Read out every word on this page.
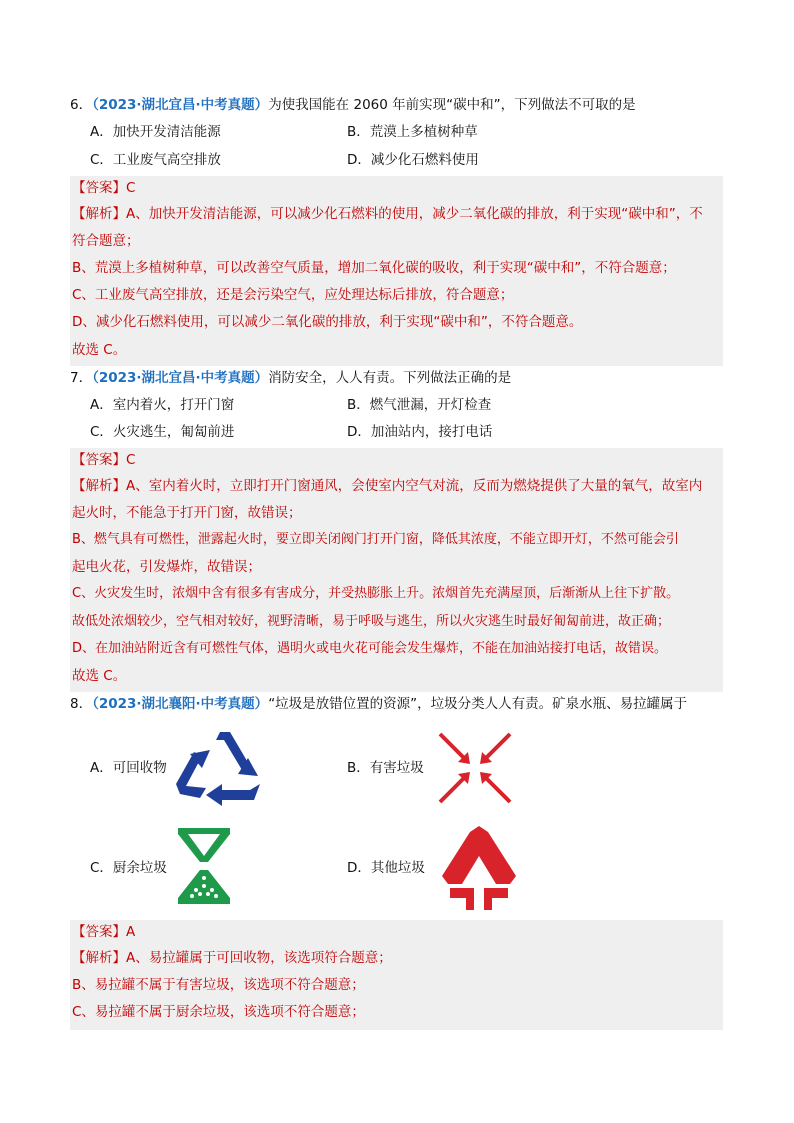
6．（2023·湖北宜昌·中考真题）为使我国能在 2060 年前实现“碳中和”，下列做法不可取的是
A．加快开发清洁能源	B．荒漠上多植树种草
C．工业废气高空排放	D．减少化石燃料使用
【答案】C
【解析】A、加快开发清洁能源，可以减少化石燃料的使用，减少二氧化碳的排放，利于实现“碳中和”，不
符合题意；
B、荒漠上多植树种草，可以改善空气质量，增加二氧化碳的吸收，利于实现“碳中和”，不符合题意；
C、工业废气高空排放，还是会污染空气，应处理达标后排放，符合题意；
D、减少化石燃料使用，可以减少二氧化碳的排放，利于实现“碳中和”，不符合题意。
故选 C。
7．（2023·湖北宜昌·中考真题）消防安全，人人有责。下列做法正确的是
A．室内着火，打开门窗	B．燃气泄漏，开灯检查
C．火灾逃生，匍匐前进	D．加油站内，接打电话
【答案】C
【解析】A、室内着火时，立即打开门窗通风，会使室内空气对流，反而为燃烧提供了大量的氧气，故室内
起火时，不能急于打开门窗，故错误；
B、燃气具有可燃性，泄露起火时，要立即关闭阀门打开门窗，降低其浓度，不能立即开灯，不然可能会引
起电火花，引发爆炸，故错误；
C、火灾发生时，浓烟中含有很多有害成分，并受热膨胀上升。浓烟首先充满屋顶，后渐渐从上往下扩散。
故低处浓烟较少，空气相对较好，视野清晰，易于呼吸与逃生，所以火灾逃生时最好匍匐前进，故正确；
D、在加油站附近含有可燃性气体，遇明火或电火花可能会发生爆炸，不能在加油站接打电话，故错误。
故选 C。
8．（2023·湖北襄阳·中考真题）“垃圾是放错位置的资源”，垃圾分类人人有责。矿泉水瓶、易拉罐属于
A．可回收物	B．有害垃圾
C．厨余垃圾	D．其他垃圾
【答案】A
【解析】A、易拉罐属于可回收物，该选项符合题意；
B、易拉罐不属于有害垃圾，该选项不符合题意；
C、易拉罐不属于厨余垃圾，该选项不符合题意；
